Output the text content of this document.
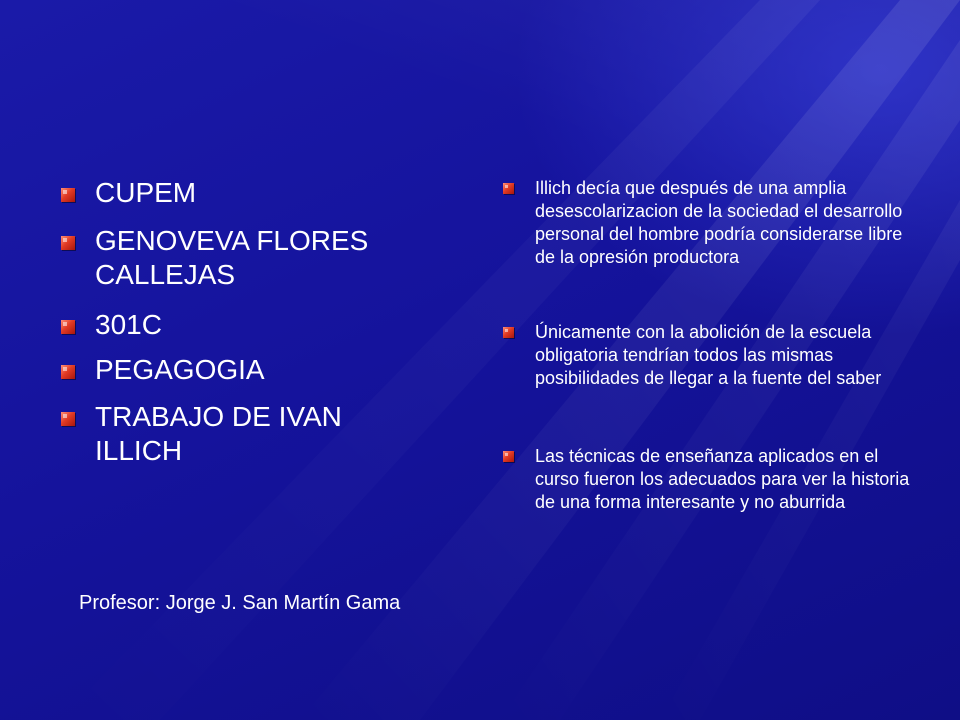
CUPEM
GENOVEVA FLORES CALLEJAS
301C
PEGAGOGIA
TRABAJO DE IVAN ILLICH
Illich decía que después de una amplia desescolarizacion de la sociedad el desarrollo personal del hombre podría considerarse libre de la opresión productora
Únicamente con la abolición de la escuela obligatoria tendrían todos las mismas posibilidades de llegar a la fuente del saber
Las técnicas de enseñanza aplicados en el curso fueron los adecuados para ver la historia de una forma interesante y no aburrida
Profesor: Jorge J. San Martín Gama
